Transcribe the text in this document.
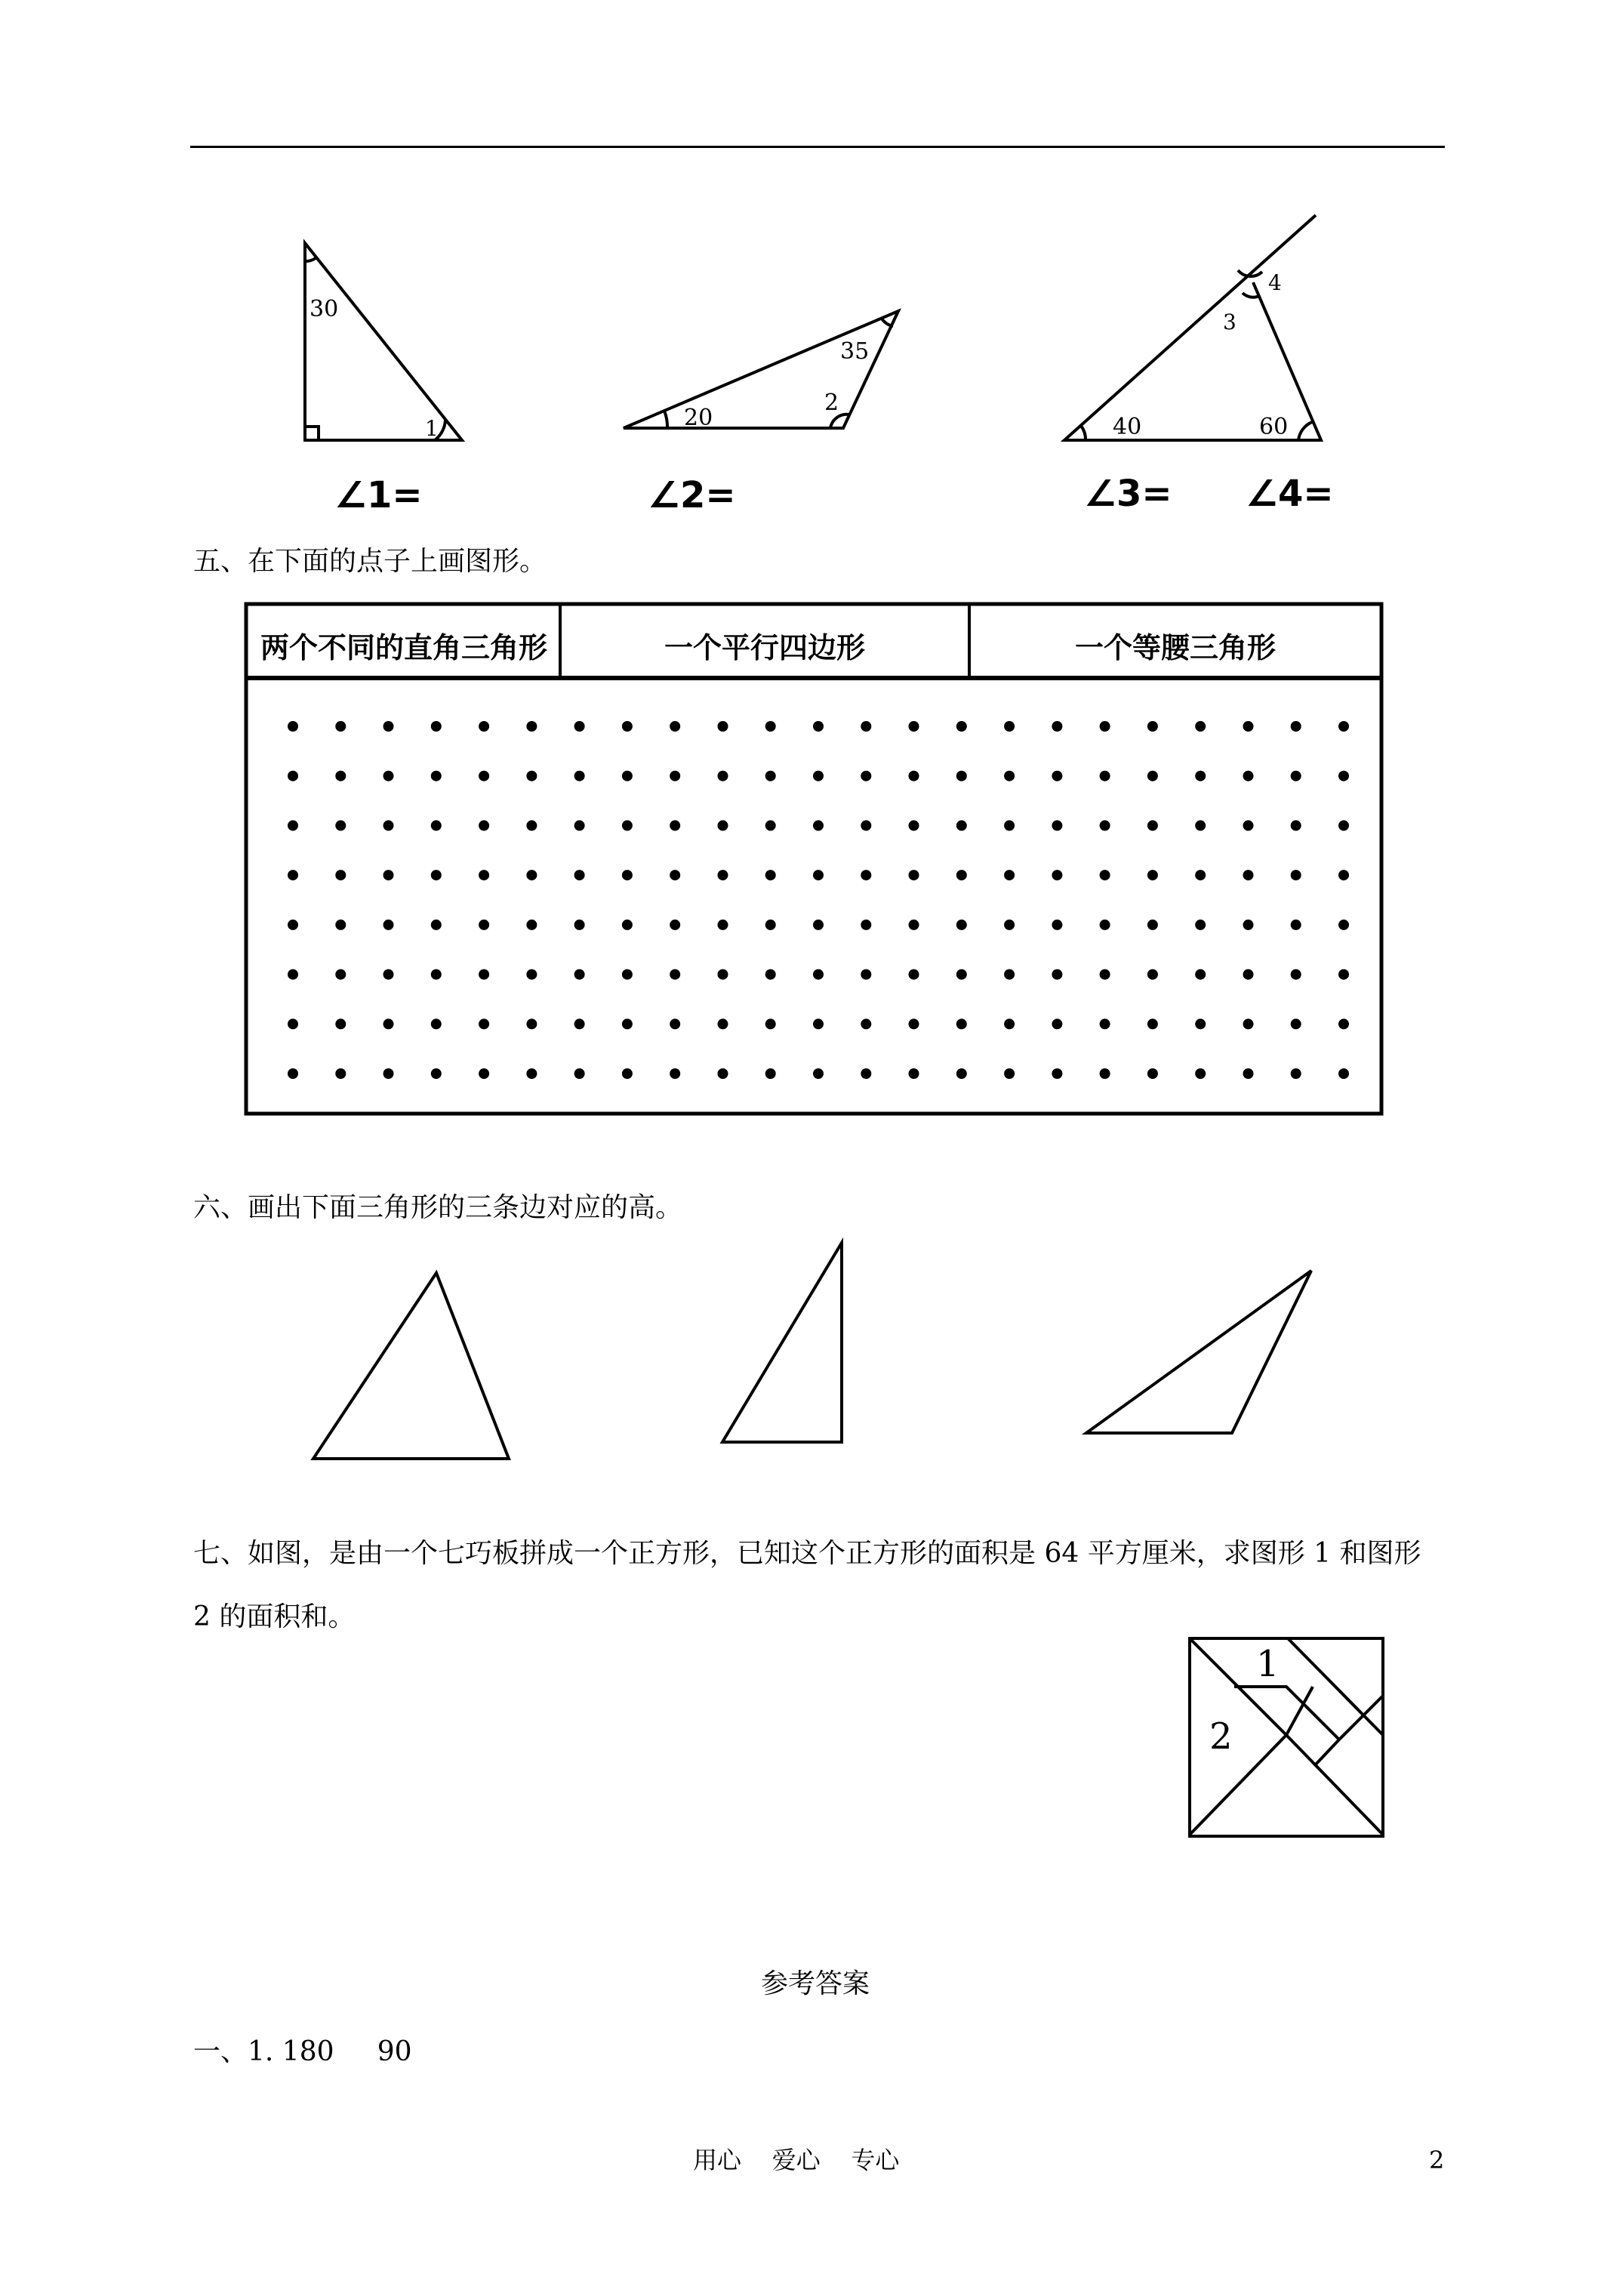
30
1
35
20
2
4
3
40	60
∠1=	∠2=	∠3= ∠4=
五、在下面的点子上画图形。
两个不同的直角三角形	一个平行四边形	一个等腰三角形
六、画出下面三角形的三条边对应的高。
七、如图，是由一个七巧板拼成一个正方形，已知这个正方形的面积是 64 平方厘米，求图形 1 和图形 2 的面积和。
1
2
参考答案
一、1. 180     90
用心    爱心    专心	2
